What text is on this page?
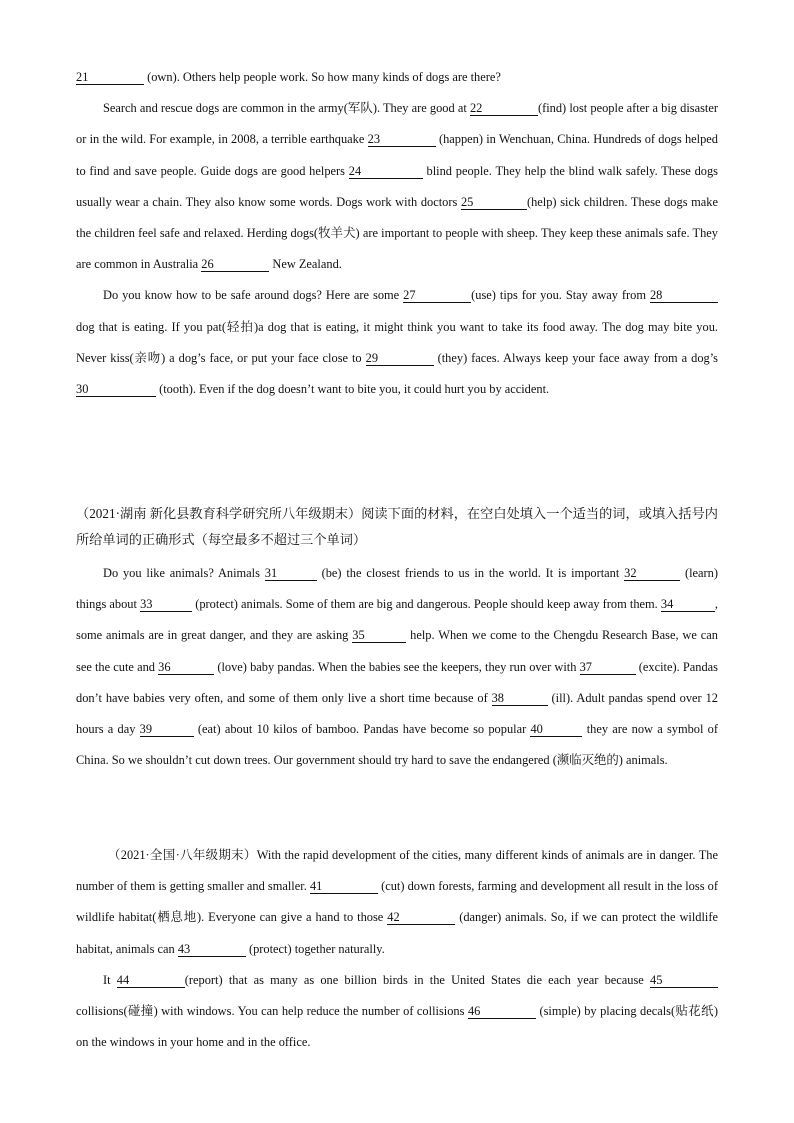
21	(own). Others help people work. So how many kinds of dogs are there?

Search and rescue dogs are common in the army(军队). They are good at 22	(find) lost people after a big disaster or in the wild. For example, in 2008, a terrible earthquake 23	(happen) in Wenchuan, China. Hundreds of dogs helped to find and save people. Guide dogs are good helpers 24	blind people. They help the blind walk safely. These dogs usually wear a chain. They also know some words. Dogs work with doctors 25	(help) sick children. These dogs make the children feel safe and relaxed. Herding dogs(牧羊犬) are important to people with sheep. They keep these animals safe. They are common in Australia 26	New Zealand.

Do you know how to be safe around dogs? Here are some 27	(use) tips for you. Stay away from 28 dog that is eating. If you pat(轻拍)a dog that is eating, it might think you want to take its food away. The dog may bite you. Never kiss(亲吻) a dog’s face, or put your face close to 29	(they) faces. Always keep your face away from a dog’s 30	(tooth). Even if the dog doesn’t want to bite you, it could hurt you by accident.

（2021·湖南 新化县教育科学研究所八年级期末）阅读下面的材料，在空白处填入一个适当的词，或填入括号内所给单词的正确形式（每空最多不超过三个单词）

Do you like animals? Animals 31	(be) the closest friends to us in the world. It is important 32	(learn) things about 33	(protect) animals. Some of them are big and dangerous. People should keep away from them. 34	, some animals are in great danger, and they are asking 35	help. When we come to the Chengdu Research Base, we can see the cute and 36	(love) baby pandas. When the babies see the keepers, they run over with 37	(excite). Pandas don’t have babies very often, and some of them only live a short time because of 38	(ill). Adult pandas spend over 12 hours a day 39	(eat) about 10 kilos of bamboo. Pandas have become so popular 40	they are now a symbol of China. So we shouldn’t cut down trees. Our government should try hard to save the endangered (濒临灭绝的) animals.

（2021·全国·八年级期末）With the rapid development of the cities, many different kinds of animals are in danger. The number of them is getting smaller and smaller. 41	(cut) down forests, farming and development all result in the loss of wildlife habitat(栖息地). Everyone can give a hand to those 42	(danger) animals. So, if we can protect the wildlife habitat, animals can 43	(protect) together naturally.

It 44	(report) that as many as one billion birds in the United States die each year because 45 collisions(碰撞) with windows. You can help reduce the number of collisions 46	(simple) by placing decals(贴花纸) on the windows in your home and in the office.
